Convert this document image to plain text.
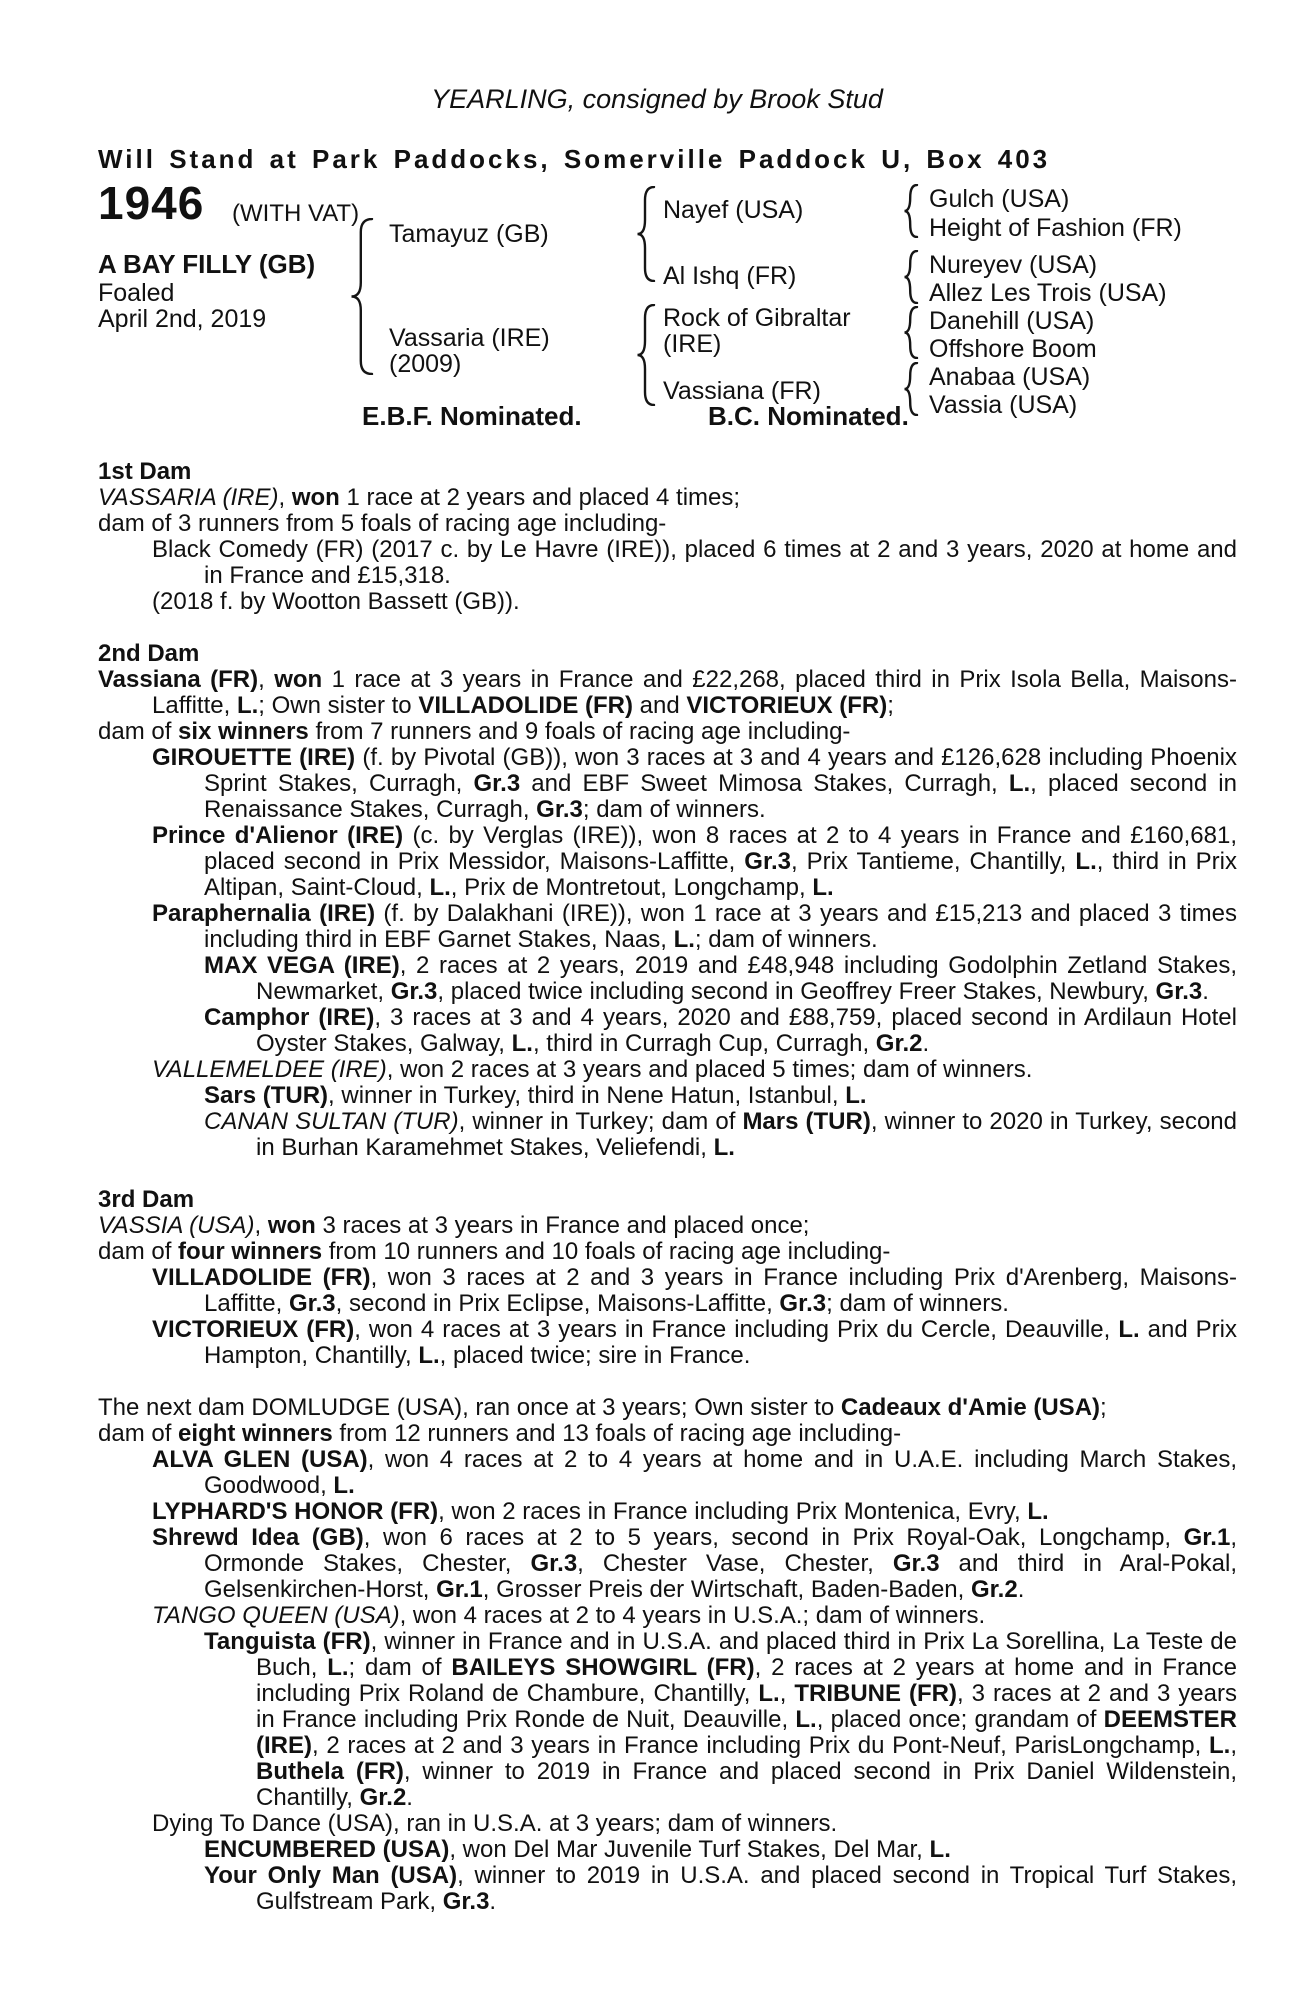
YEARLING, consigned by Brook Stud
Will Stand at Park Paddocks, Somerville Paddock U, Box 403
1946 (WITH VAT)
A BAY FILLY (GB)
Foaled
April 2nd, 2019
Tamayuz (GB)
Vassaria (IRE)
(2009)
Nayef (USA)
Al Ishq (FR)
Rock of Gibraltar (IRE)
Vassiana (FR)
Gulch (USA)
Height of Fashion (FR)
Nureyev (USA)
Allez Les Trois (USA)
Danehill (USA)
Offshore Boom
Anabaa (USA)
Vassia (USA)
E.B.F. Nominated.	B.C. Nominated.

1st Dam

VASSARIA (IRE), won 1 race at 2 years and placed 4 times;

dam of 3 runners from 5 foals of racing age including-

Black Comedy (FR) (2017 c. by Le Havre (IRE)), placed 6 times at 2 and 3 years, 2020 at home and in France and £15,318.

(2018 f. by Wootton Bassett (GB)).

2nd Dam

Vassiana (FR), won 1 race at 3 years in France and £22,268, placed third in Prix Isola Bella, Maisons-Laffitte, L.; Own sister to VILLADOLIDE (FR) and VICTORIEUX (FR);

dam of six winners from 7 runners and 9 foals of racing age including-

GIROUETTE (IRE) (f. by Pivotal (GB)), won 3 races at 3 and 4 years and £126,628 including Phoenix Sprint Stakes, Curragh, Gr.3 and EBF Sweet Mimosa Stakes, Curragh, L., placed second in Renaissance Stakes, Curragh, Gr.3; dam of winners.

Prince d'Alienor (IRE) (c. by Verglas (IRE)), won 8 races at 2 to 4 years in France and £160,681, placed second in Prix Messidor, Maisons-Laffitte, Gr.3, Prix Tantieme, Chantilly, L., third in Prix Altipan, Saint-Cloud, L., Prix de Montretout, Longchamp, L.

Paraphernalia (IRE) (f. by Dalakhani (IRE)), won 1 race at 3 years and £15,213 and placed 3 times including third in EBF Garnet Stakes, Naas, L.; dam of winners.

MAX VEGA (IRE), 2 races at 2 years, 2019 and £48,948 including Godolphin Zetland Stakes, Newmarket, Gr.3, placed twice including second in Geoffrey Freer Stakes, Newbury, Gr.3.

Camphor (IRE), 3 races at 3 and 4 years, 2020 and £88,759, placed second in Ardilaun Hotel Oyster Stakes, Galway, L., third in Curragh Cup, Curragh, Gr.2.

VALLEMELDEE (IRE), won 2 races at 3 years and placed 5 times; dam of winners.

Sars (TUR), winner in Turkey, third in Nene Hatun, Istanbul, L.

CANAN SULTAN (TUR), winner in Turkey; dam of Mars (TUR), winner to 2020 in Turkey, second in Burhan Karamehmet Stakes, Veliefendi, L.

3rd Dam

VASSIA (USA), won 3 races at 3 years in France and placed once;

dam of four winners from 10 runners and 10 foals of racing age including-

VILLADOLIDE (FR), won 3 races at 2 and 3 years in France including Prix d'Arenberg, Maisons-Laffitte, Gr.3, second in Prix Eclipse, Maisons-Laffitte, Gr.3; dam of winners.

VICTORIEUX (FR), won 4 races at 3 years in France including Prix du Cercle, Deauville, L. and Prix Hampton, Chantilly, L., placed twice; sire in France.

The next dam DOMLUDGE (USA), ran once at 3 years; Own sister to Cadeaux d'Amie (USA);

dam of eight winners from 12 runners and 13 foals of racing age including-

ALVA GLEN (USA), won 4 races at 2 to 4 years at home and in U.A.E. including March Stakes, Goodwood, L.

LYPHARD'S HONOR (FR), won 2 races in France including Prix Montenica, Evry, L.

Shrewd Idea (GB), won 6 races at 2 to 5 years, second in Prix Royal-Oak, Longchamp, Gr.1, Ormonde Stakes, Chester, Gr.3, Chester Vase, Chester, Gr.3 and third in Aral-Pokal, Gelsenkirchen-Horst, Gr.1, Grosser Preis der Wirtschaft, Baden-Baden, Gr.2.

TANGO QUEEN (USA), won 4 races at 2 to 4 years in U.S.A.; dam of winners.

Tanguista (FR), winner in France and in U.S.A. and placed third in Prix La Sorellina, La Teste de Buch, L.; dam of BAILEYS SHOWGIRL (FR), 2 races at 2 years at home and in France including Prix Roland de Chambure, Chantilly, L., TRIBUNE (FR), 3 races at 2 and 3 years in France including Prix Ronde de Nuit, Deauville, L., placed once; grandam of DEEMSTER (IRE), 2 races at 2 and 3 years in France including Prix du Pont-Neuf, ParisLongchamp, L., Buthela (FR), winner to 2019 in France and placed second in Prix Daniel Wildenstein, Chantilly, Gr.2.

Dying To Dance (USA), ran in U.S.A. at 3 years; dam of winners.

ENCUMBERED (USA), won Del Mar Juvenile Turf Stakes, Del Mar, L.

Your Only Man (USA), winner to 2019 in U.S.A. and placed second in Tropical Turf Stakes, Gulfstream Park, Gr.3.
